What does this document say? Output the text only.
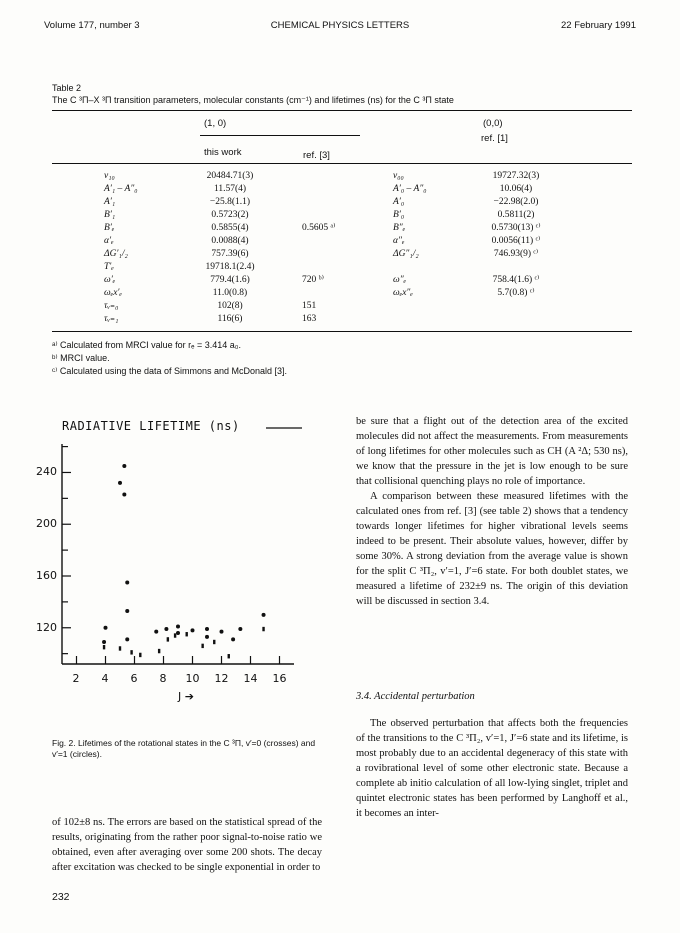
Volume 177, number 3	CHEMICAL PHYSICS LETTERS	22 February 1991
Table 2
The C ³Π–X ³Π transition parameters, molecular constants (cm⁻¹) and lifetimes (ns) for the C ³Π state
(1, 0)	(0,0)
ref. [1]
this work	ref. [3]
ν₁₀	20484.71(3)	ν₀₀	19727.32(3)
A′₁ – A″₀	11.57(4)	A′₀ – A″₀	10.06(4)
A′₁	−25.8(1.1)	A′₀	−22.98(2.0)
B′₁	0.5723(2)	B′₀	0.5811(2)
B′ₑ	0.5855(4)	0.5605 ᵃ⁾	B″ₑ	0.5730(13) ᶜ⁾
α′ₑ	0.0088(4)	α″ₑ	0.0056(11) ᶜ⁾
ΔG′₁/₂	757.39(6)	ΔG″₁/₂	746.93(9) ᶜ⁾
T′ₑ	19718.1(2.4)
ω′ₑ	779.4(1.6)	720 ᵇ⁾	ω″ₑ	758.4(1.6) ᶜ⁾
ωₑx′ₑ	11.0(0.8)	ωₑx″ₑ	5.7(0.8) ᶜ⁾
τᵥ₌₀	102(8)	151
τᵥ₌₁	116(6)	163
ᵃ⁾ Calculated from MRCI value for rₑ = 3.414 a₀.
ᵇ⁾ MRCI value.
ᶜ⁾ Calculated using the data of Simmons and McDonald [3].
RADIATIVE LIFETIME (ns)
120
160
200
240
2 4 6 8 10 12 14 16
J ➔
Fig. 2. Lifetimes of the rotational states in the C ³Π, v′=0 (crosses) and v′=1 (circles).

of 102±8 ns. The errors are based on the statistical spread of the results, originating from the rather poor signal-to-noise ratio we obtained, even after averaging over some 200 shots. The decay after excitation was checked to be single exponential in order to

be sure that a flight out of the detection area of the excited molecules did not affect the measurements. From measurements of long lifetimes for other molecules such as CH (A ²Δ; 530 ns), we know that the pressure in the jet is low enough to be sure that collisional quenching plays no role of importance.

A comparison between these measured lifetimes with the calculated ones from ref. [3] (see table 2) shows that a tendency towards longer lifetimes for higher vibrational levels seems indeed to be present. Their absolute values, however, differ by some 30%. A strong deviation from the average value is shown for the split C ³Π₂, v′=1, J′=6 state. For both doublet states, we measured a lifetime of 232±9 ns. The origin of this deviation will be discussed in section 3.4.

3.4. Accidental perturbation

The observed perturbation that affects both the frequencies of the transitions to the C ³Π₂, v′=1, J′=6 state and its lifetime, is most probably due to an accidental degeneracy of this state with a rovibrational level of some other electronic state. Because a complete ab initio calculation of all low-lying singlet, triplet and quintet electronic states has been performed by Langhoff et al., it becomes an inter-

232
